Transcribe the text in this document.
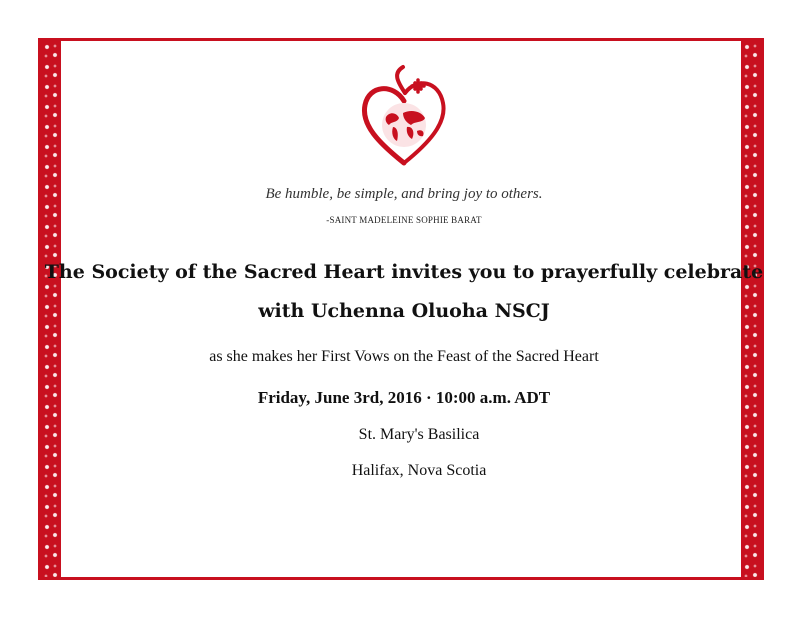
Be humble, be simple, and bring joy to others.
-SAINT MADELEINE SOPHIE BARAT
The Society of the Sacred Heart invites you to prayerfully celebrate
with Uchenna Oluoha NSCJ
as she makes her First Vows on the Feast of the Sacred Heart
Friday, June 3rd, 2016 · 10:00 a.m. ADT
St. Mary's Basilica
Halifax, Nova Scotia
